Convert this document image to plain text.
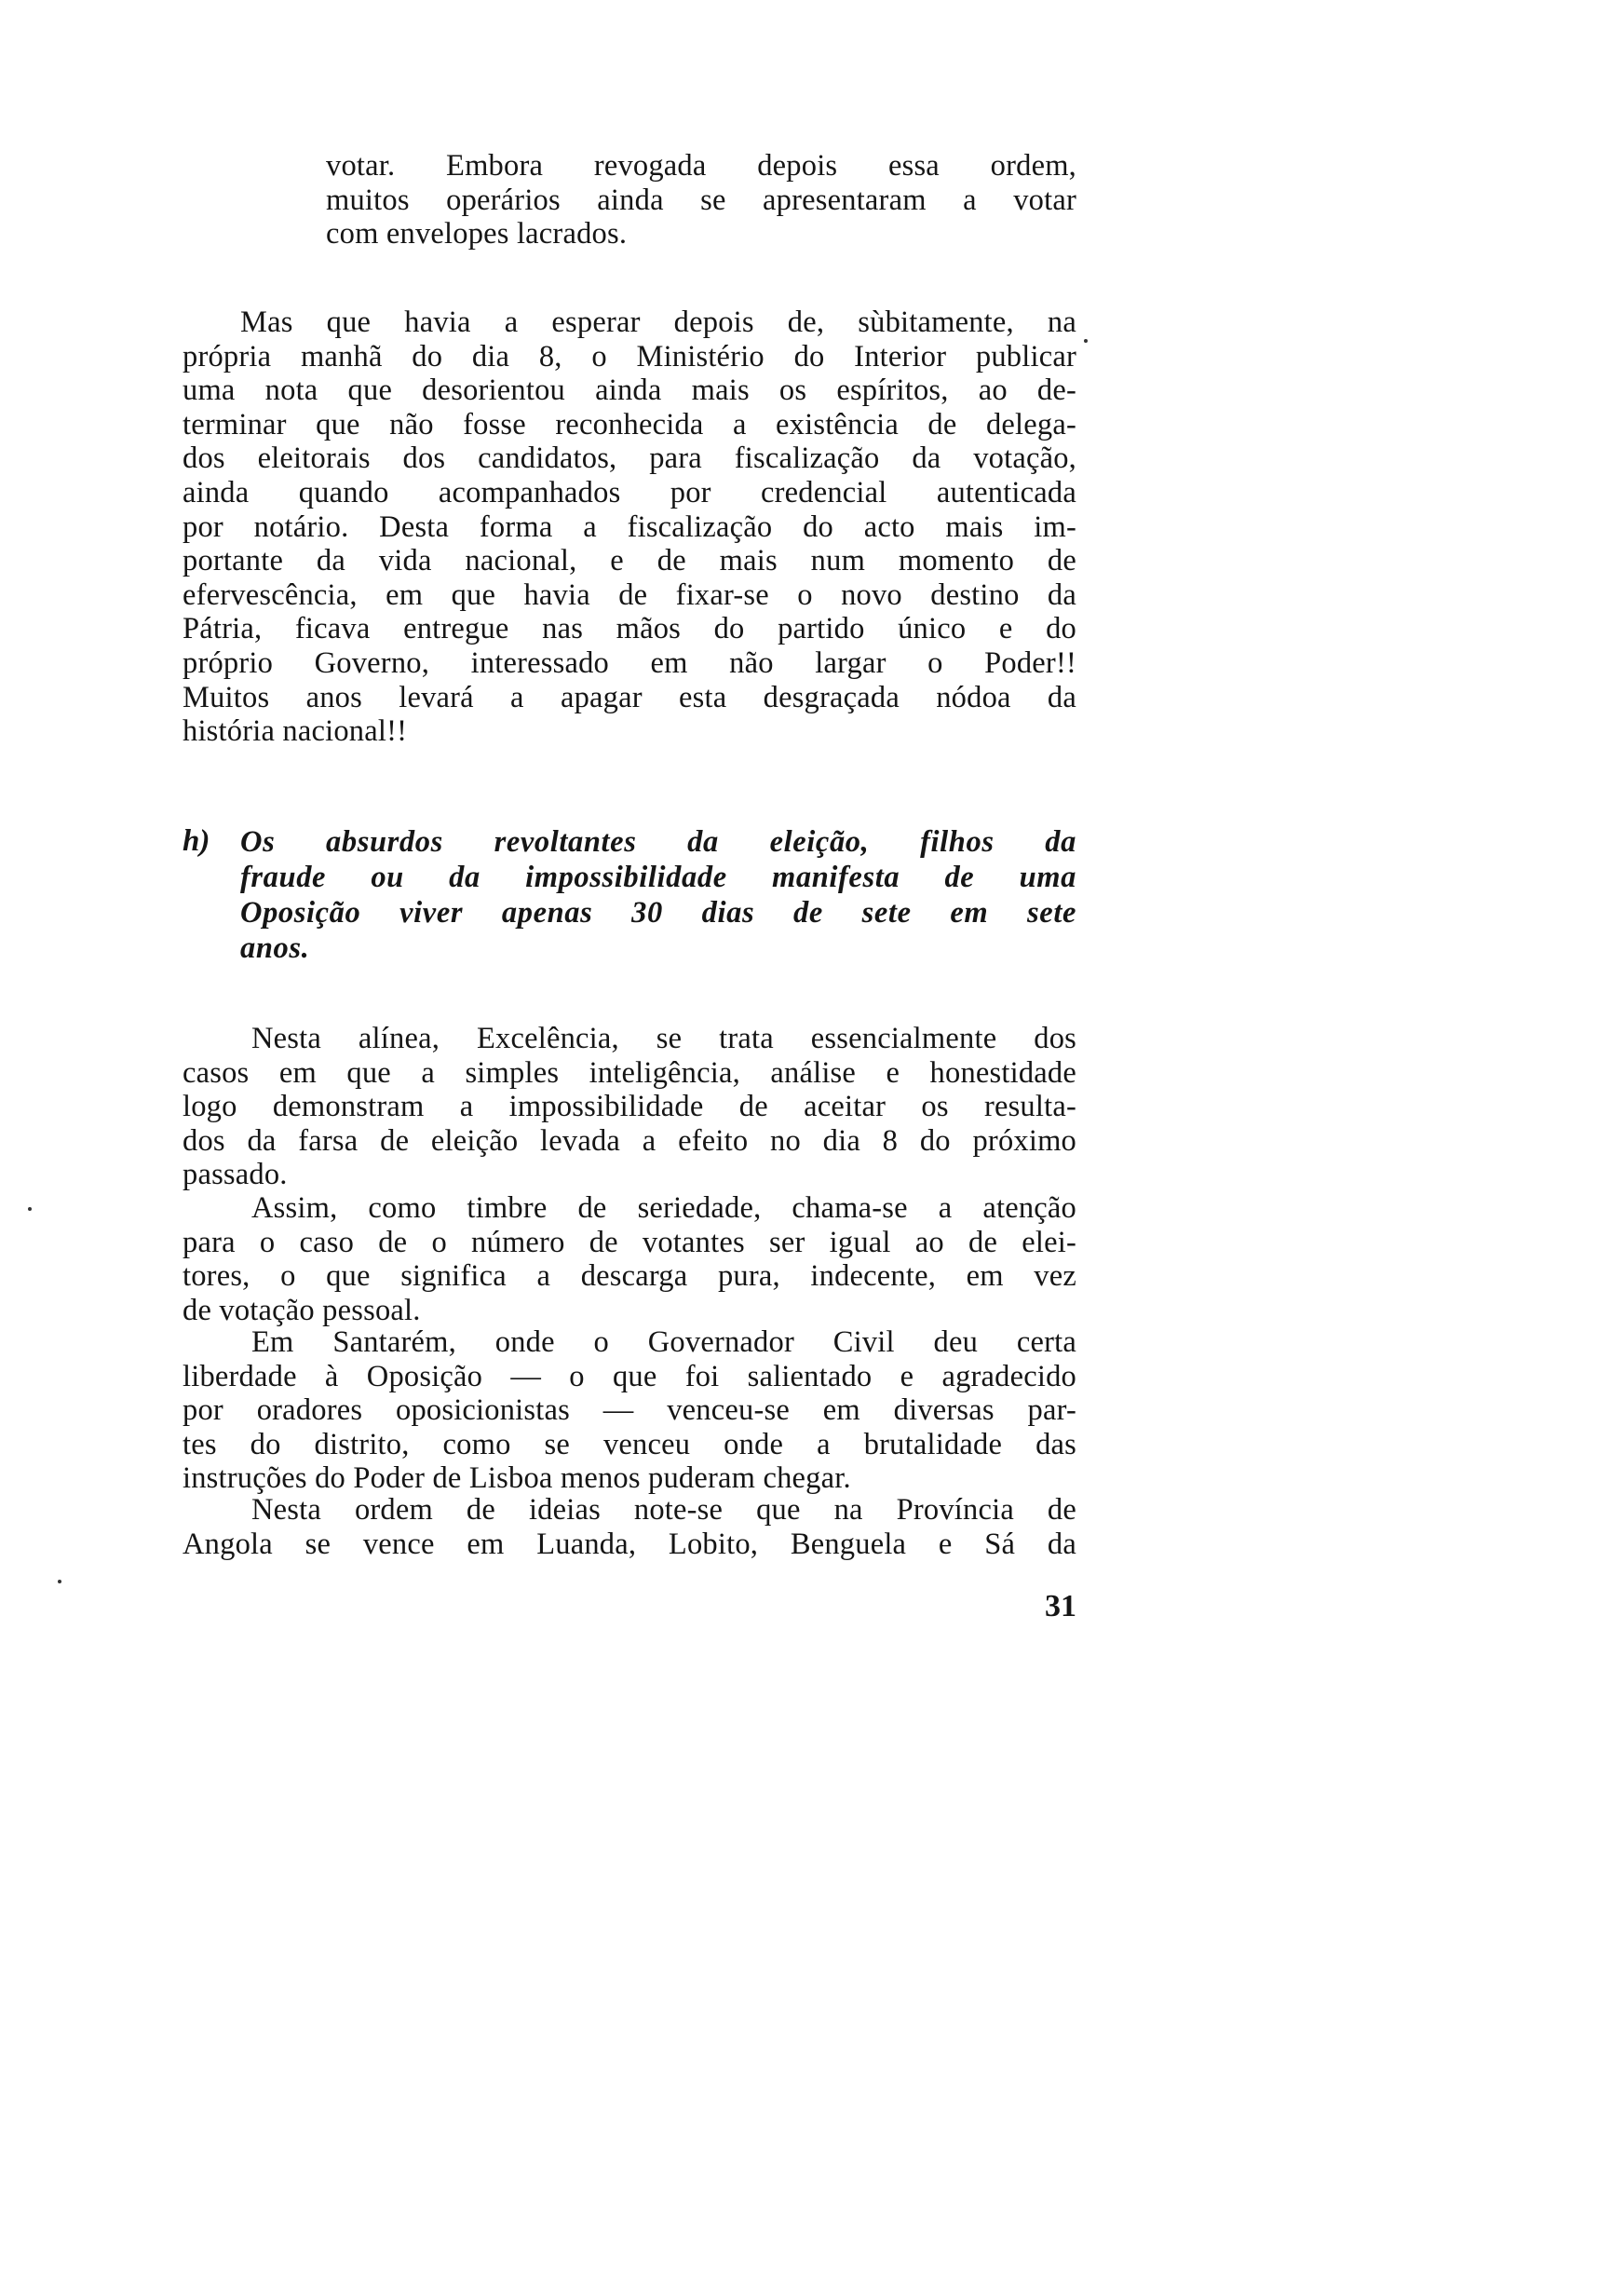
votar. Embora revogada depois essa ordem,
muitos operários ainda se apresentaram a votar
com envelopes lacrados.
Mas que havia a esperar depois de, sùbitamente, na
própria manhã do dia 8, o Ministério do Interior publicar
uma nota que desorientou ainda mais os espíritos, ao de-
terminar que não fosse reconhecida a existência de delega-
dos eleitorais dos candidatos, para fiscalização da votação,
ainda quando acompanhados por credencial autenticada
por notário. Desta forma a fiscalização do acto mais im-
portante da vida nacional, e de mais num momento de
efervescência, em que havia de fixar-se o novo destino da
Pátria, ficava entregue nas mãos do partido único e do
próprio Governo, interessado em não largar o Poder!!
Muitos anos levará a apagar esta desgraçada nódoa da
história nacional!!
h) Os absurdos revoltantes da eleição, filhos da
fraude ou da impossibilidade manifesta de uma
Oposição viver apenas 30 dias de sete em sete
anos.
Nesta alínea, Excelência, se trata essencialmente dos
casos em que a simples inteligência, análise e honestidade
logo demonstram a impossibilidade de aceitar os resulta-
dos da farsa de eleição levada a efeito no dia 8 do próximo
passado.
Assim, como timbre de seriedade, chama-se a atenção
para o caso de o número de votantes ser igual ao de elei-
tores, o que significa a descarga pura, indecente, em vez
de votação pessoal.
Em Santarém, onde o Governador Civil deu certa
liberdade à Oposição — o que foi salientado e agradecido
por oradores oposicionistas — venceu-se em diversas par-
tes do distrito, como se venceu onde a brutalidade das
instruções do Poder de Lisboa menos puderam chegar.
Nesta ordem de ideias note-se que na Província de
Angola se vence em Luanda, Lobito, Benguela e Sá da
31
